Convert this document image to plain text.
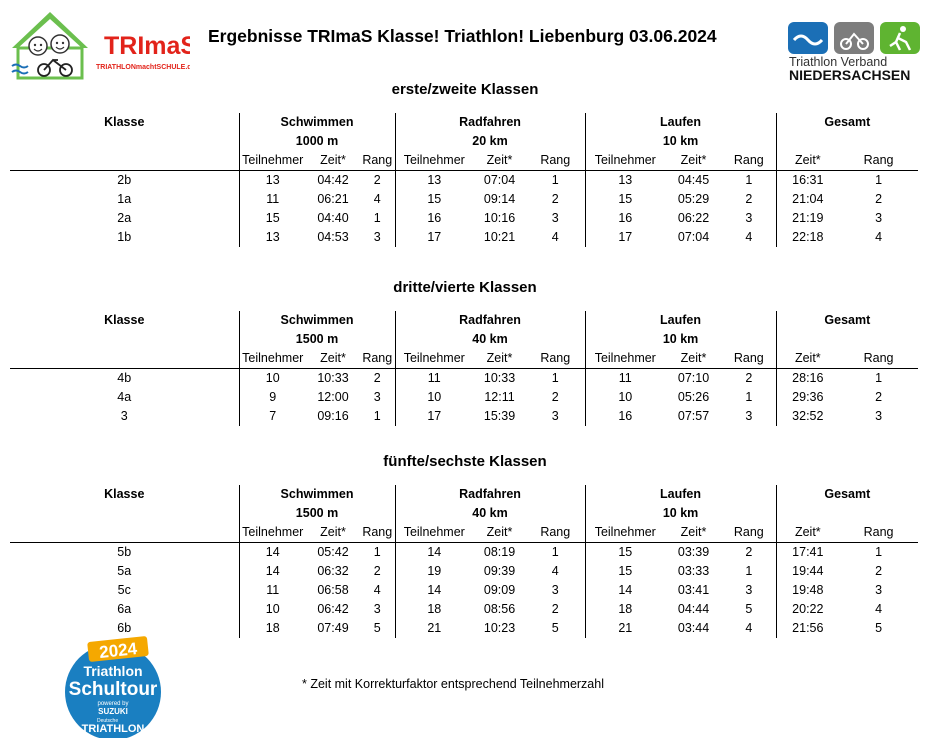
TRImaS
TRIATHLONmachtSCHULE.de
Ergebnisse TRImaS Klasse! Triathlon! Liebenburg 03.06.2024
Triathlon Verband
NIEDERSACHSEN
erste/zweite Klassen
Klasse	Schwimmen			Radfahren			Laufen			Gesamt	
	1000 m			20 km			10 km				
	Teilnehmer	Zeit*	Rang	Teilnehmer	Zeit*	Rang	Teilnehmer	Zeit*	Rang	Zeit*	Rang
2b	13	04:42	2	13	07:04	1	13	04:45	1	16:31	1
1a	11	06:21	4	15	09:14	2	15	05:29	2	21:04	2
2a	15	04:40	1	16	10:16	3	16	06:22	3	21:19	3
1b	13	04:53	3	17	10:21	4	17	07:04	4	22:18	4
dritte/vierte Klassen
Klasse	Schwimmen			Radfahren			Laufen			Gesamt	
	1500 m			40 km			10 km				
	Teilnehmer	Zeit*	Rang	Teilnehmer	Zeit*	Rang	Teilnehmer	Zeit*	Rang	Zeit*	Rang
4b	10	10:33	2	11	10:33	1	11	07:10	2	28:16	1
4a	9	12:00	3	10	12:11	2	10	05:26	1	29:36	2
3	7	09:16	1	17	15:39	3	16	07:57	3	32:52	3
fünfte/sechste Klassen
Klasse	Schwimmen			Radfahren			Laufen			Gesamt	
	1500 m			40 km			10 km				
	Teilnehmer	Zeit*	Rang	Teilnehmer	Zeit*	Rang	Teilnehmer	Zeit*	Rang	Zeit*	Rang
5b	14	05:42	1	14	08:19	1	15	03:39	2	17:41	1
5a	14	06:32	2	19	09:39	4	15	03:33	1	19:44	2
5c	11	06:58	4	14	09:09	3	14	03:41	3	19:48	3
6a	10	06:42	3	18	08:56	2	18	04:44	5	20:22	4
6b	18	07:49	5	21	10:23	5	21	03:44	4	21:56	5
2024
Triathlon
Schultour
powered by
SUZUKI
Deutsche
TRIATHLON
* Zeit mit Korrekturfaktor entsprechend Teilnehmerzahl
